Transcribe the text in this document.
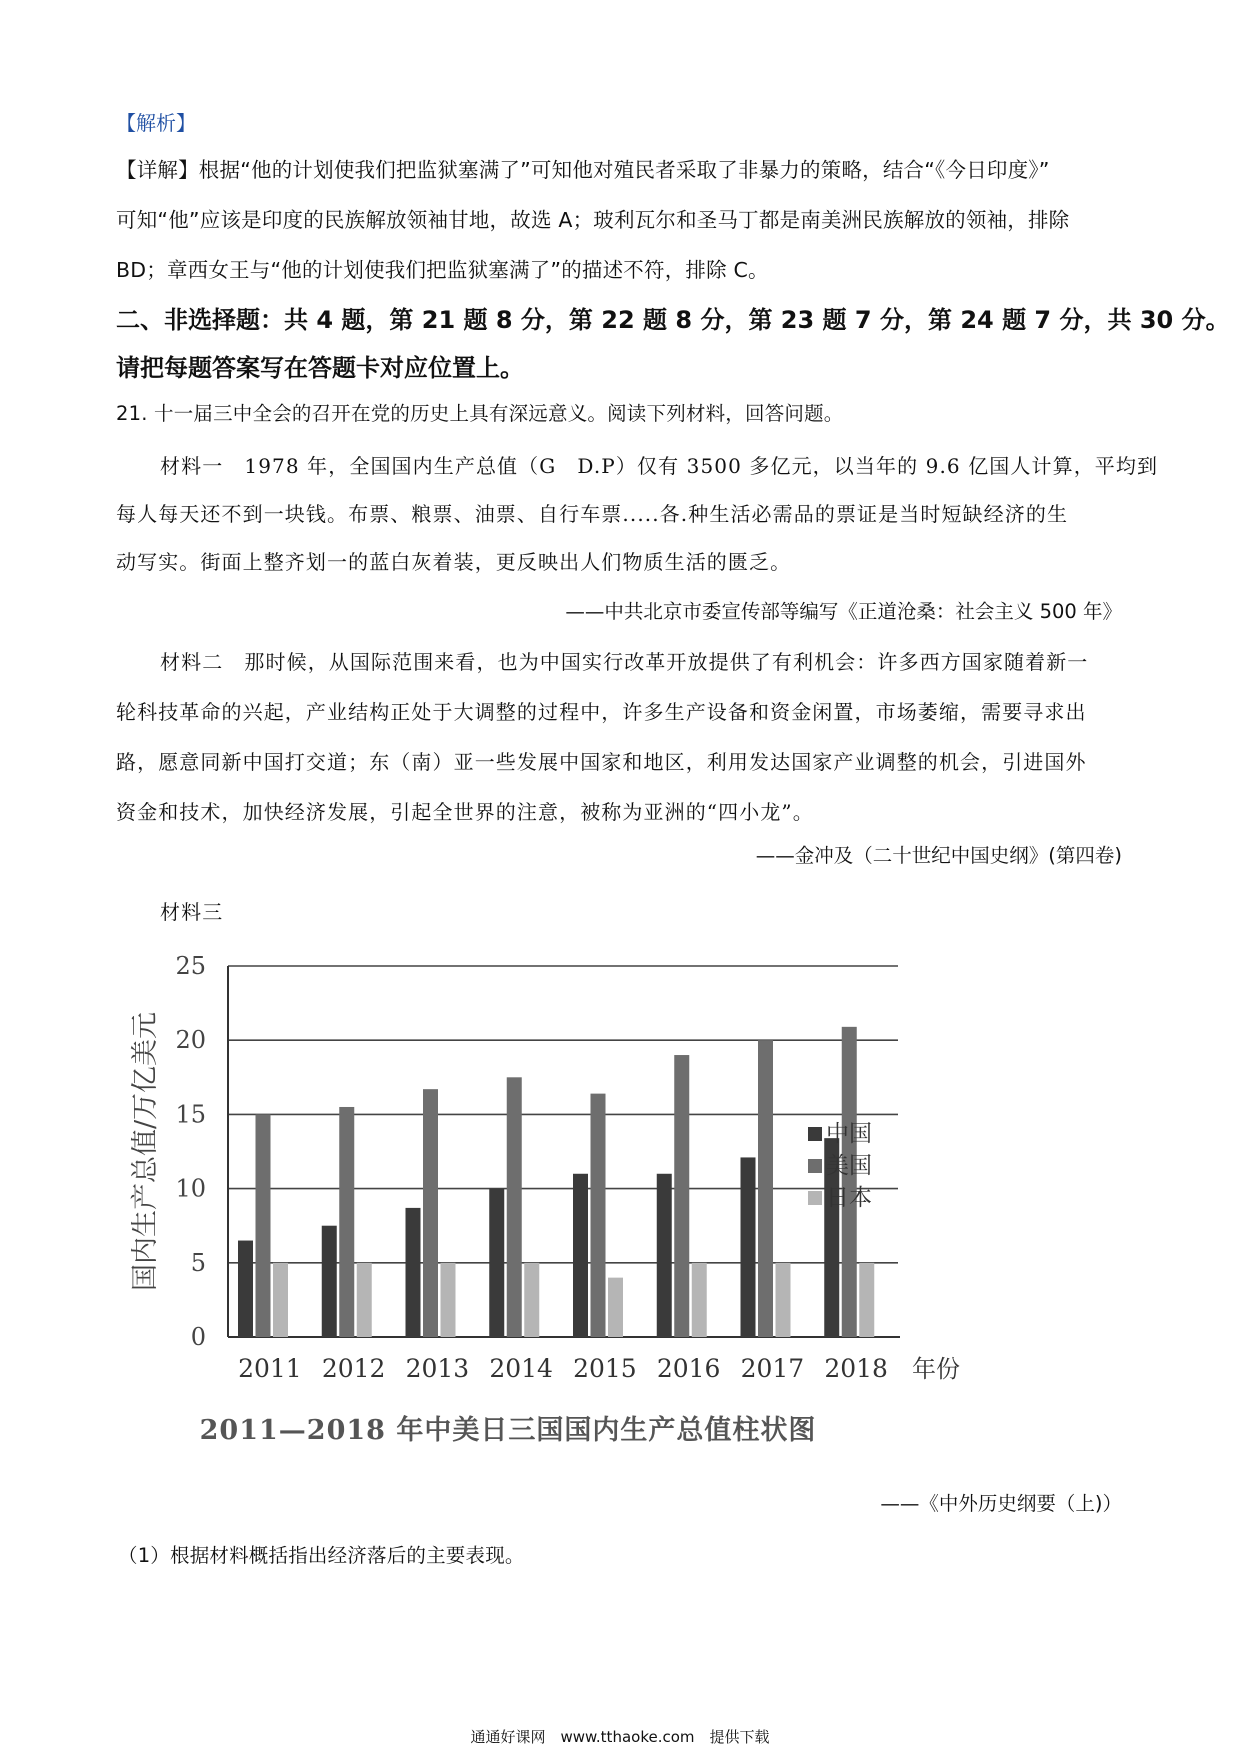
【解析】
【详解】根据“他的计划使我们把监狱塞满了”可知他对殖民者采取了非暴力的策略，结合“《今日印度》”
可知“他”应该是印度的民族解放领袖甘地，故选 A；玻利瓦尔和圣马丁都是南美洲民族解放的领袖，排除
BD；章西女王与“他的计划使我们把监狱塞满了”的描述不符，排除 C。
二、非选择题：共 4 题，第 21 题 8 分，第 22 题 8 分，第 23 题 7 分，第 24 题 7 分，共 30 分。
请把每题答案写在答题卡对应位置上。
21. 十一届三中全会的召开在党的历史上具有深远意义。阅读下列材料，回答问题。
材料一　1978 年，全国国内生产总值（G　D.P）仅有 3500 多亿元，以当年的 9.6 亿国人计算，平均到
每人每天还不到一块钱。布票、粮票、油票、自行车票.....各.种生活必需品的票证是当时短缺经济的生
动写实。街面上整齐划一的蓝白灰着装，更反映出人们物质生活的匮乏。
——中共北京市委宣传部等编写《正道沧桑：社会主义 500 年》
材料二　那时候，从国际范围来看，也为中国实行改革开放提供了有利机会：许多西方国家随着新一
轮科技革命的兴起，产业结构正处于大调整的过程中，许多生产设备和资金闲置，市场萎缩，需要寻求出
路，愿意同新中国打交道；东（南）亚一些发展中国家和地区，利用发达国家产业调整的机会，引进国外
资金和技术，加快经济发展，引起全世界的注意，被称为亚洲的“四小龙”。
——金冲及（二十世纪中国史纲》(第四卷)
材料三
0
5
10
15
20
25
2011 2012 2013 2014 2015 2016 2017 2018 年份
国内生产总值/万亿美元	中国
美国
日本
2011—2018 年中美日三国国内生产总值柱状图
——《中外历史纲要（上)）
（1）根据材料概括指出经济落后的主要表现。
通通好课网　www.tthaoke.com　提供下载
